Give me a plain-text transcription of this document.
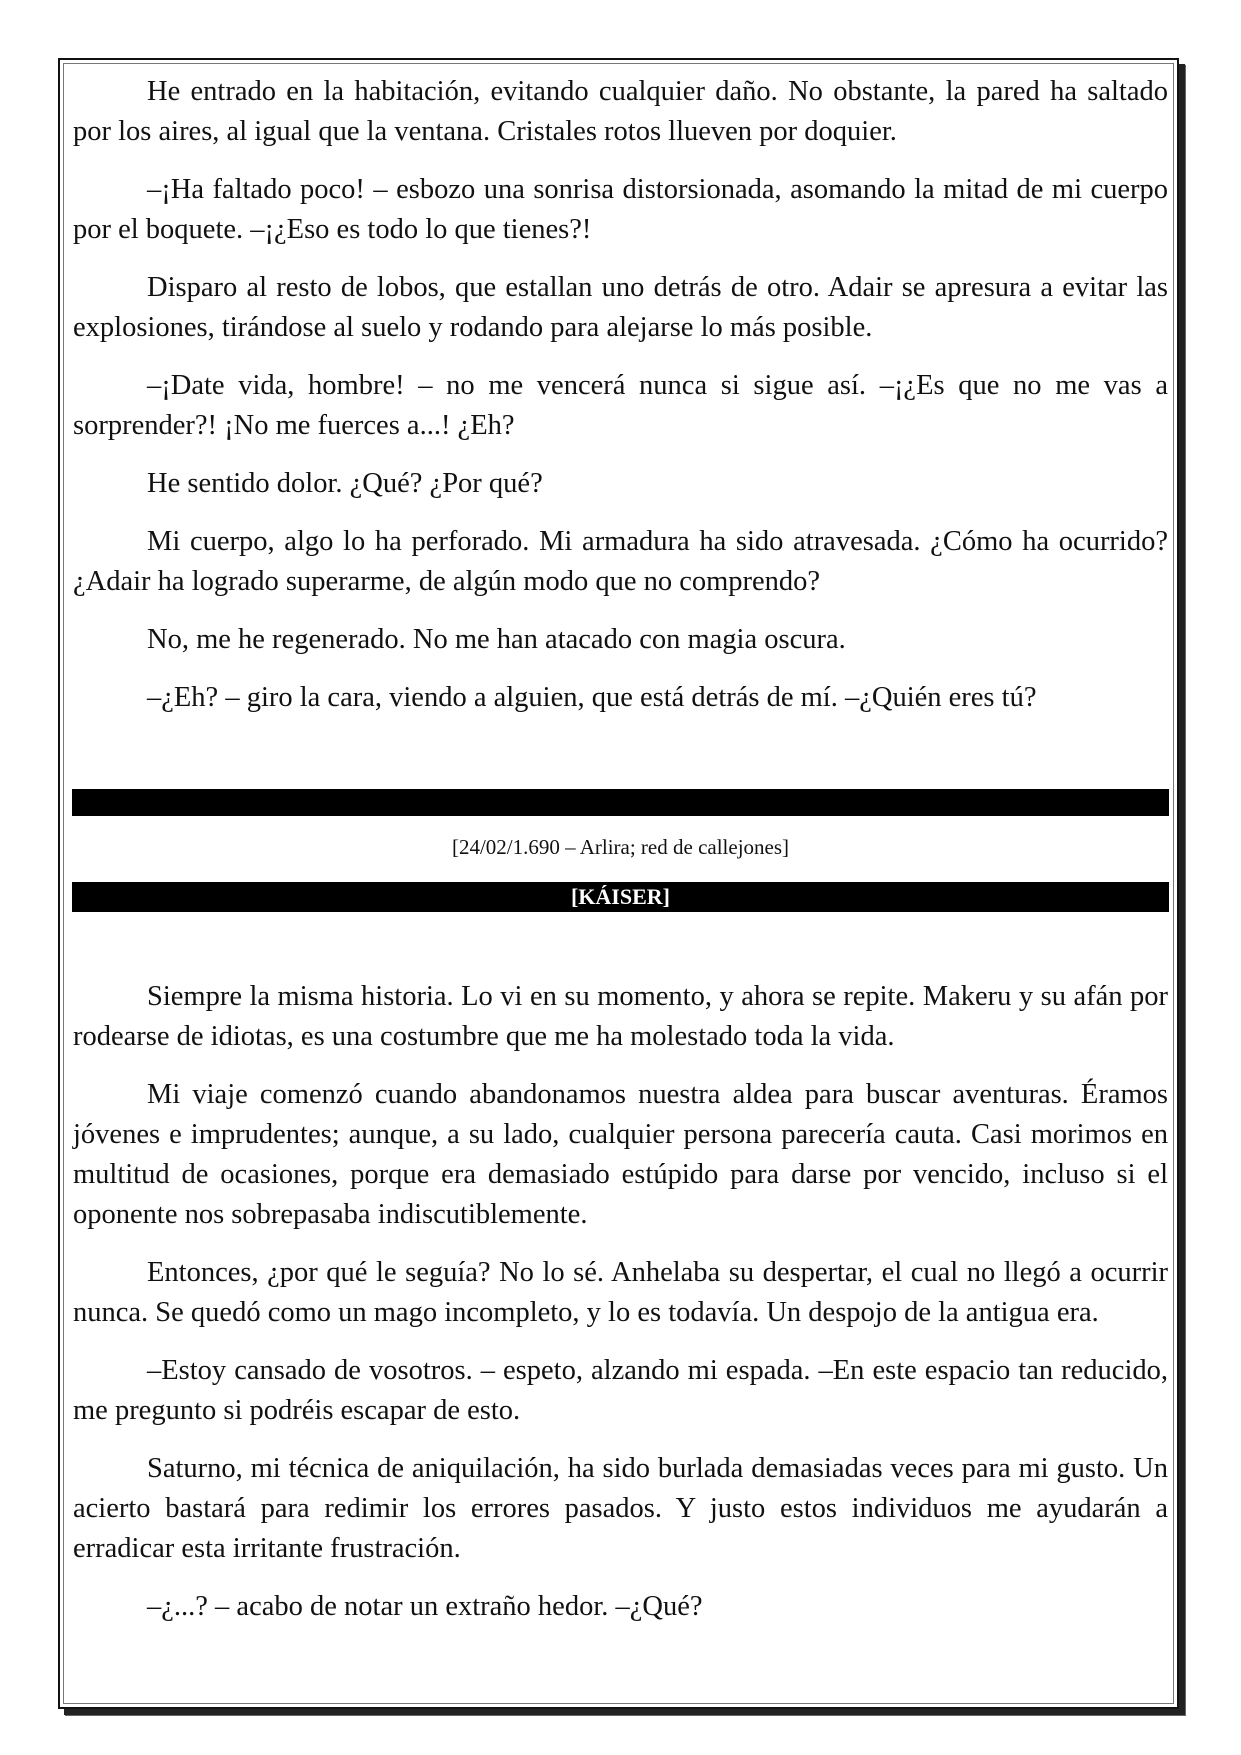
He entrado en la habitación, evitando cualquier daño. No obstante, la pared ha saltado por los aires, al igual que la ventana. Cristales rotos llueven por doquier.

–¡Ha faltado poco! – esbozo una sonrisa distorsionada, asomando la mitad de mi cuerpo por el boquete. –¡¿Eso es todo lo que tienes?!

Disparo al resto de lobos, que estallan uno detrás de otro. Adair se apresura a evitar las explosiones, tirándose al suelo y rodando para alejarse lo más posible.

–¡Date vida, hombre! – no me vencerá nunca si sigue así. –¡¿Es que no me vas a sorprender?! ¡No me fuerces a...! ¿Eh?

He sentido dolor. ¿Qué? ¿Por qué?

Mi cuerpo, algo lo ha perforado. Mi armadura ha sido atravesada. ¿Cómo ha ocurrido? ¿Adair ha logrado superarme, de algún modo que no comprendo?

No, me he regenerado. No me han atacado con magia oscura.

–¿Eh? – giro la cara, viendo a alguien, que está detrás de mí. –¿Quién eres tú?

[24/02/1.690 – Arlira; red de callejones]
[KÁISER]

Siempre la misma historia. Lo vi en su momento, y ahora se repite. Makeru y su afán por rodearse de idiotas, es una costumbre que me ha molestado toda la vida.

Mi viaje comenzó cuando abandonamos nuestra aldea para buscar aventuras. Éramos jóvenes e imprudentes; aunque, a su lado, cualquier persona parecería cauta. Casi morimos en multitud de ocasiones, porque era demasiado estúpido para darse por vencido, incluso si el oponente nos sobrepasaba indiscutiblemente.

Entonces, ¿por qué le seguía? No lo sé. Anhelaba su despertar, el cual no llegó a ocurrir nunca. Se quedó como un mago incompleto, y lo es todavía. Un despojo de la antigua era.

–Estoy cansado de vosotros. – espeto, alzando mi espada. –En este espacio tan reducido, me pregunto si podréis escapar de esto.

Saturno, mi técnica de aniquilación, ha sido burlada demasiadas veces para mi gusto. Un acierto bastará para redimir los errores pasados. Y justo estos individuos me ayudarán a erradicar esta irritante frustración.

–¿...? – acabo de notar un extraño hedor. –¿Qué?
